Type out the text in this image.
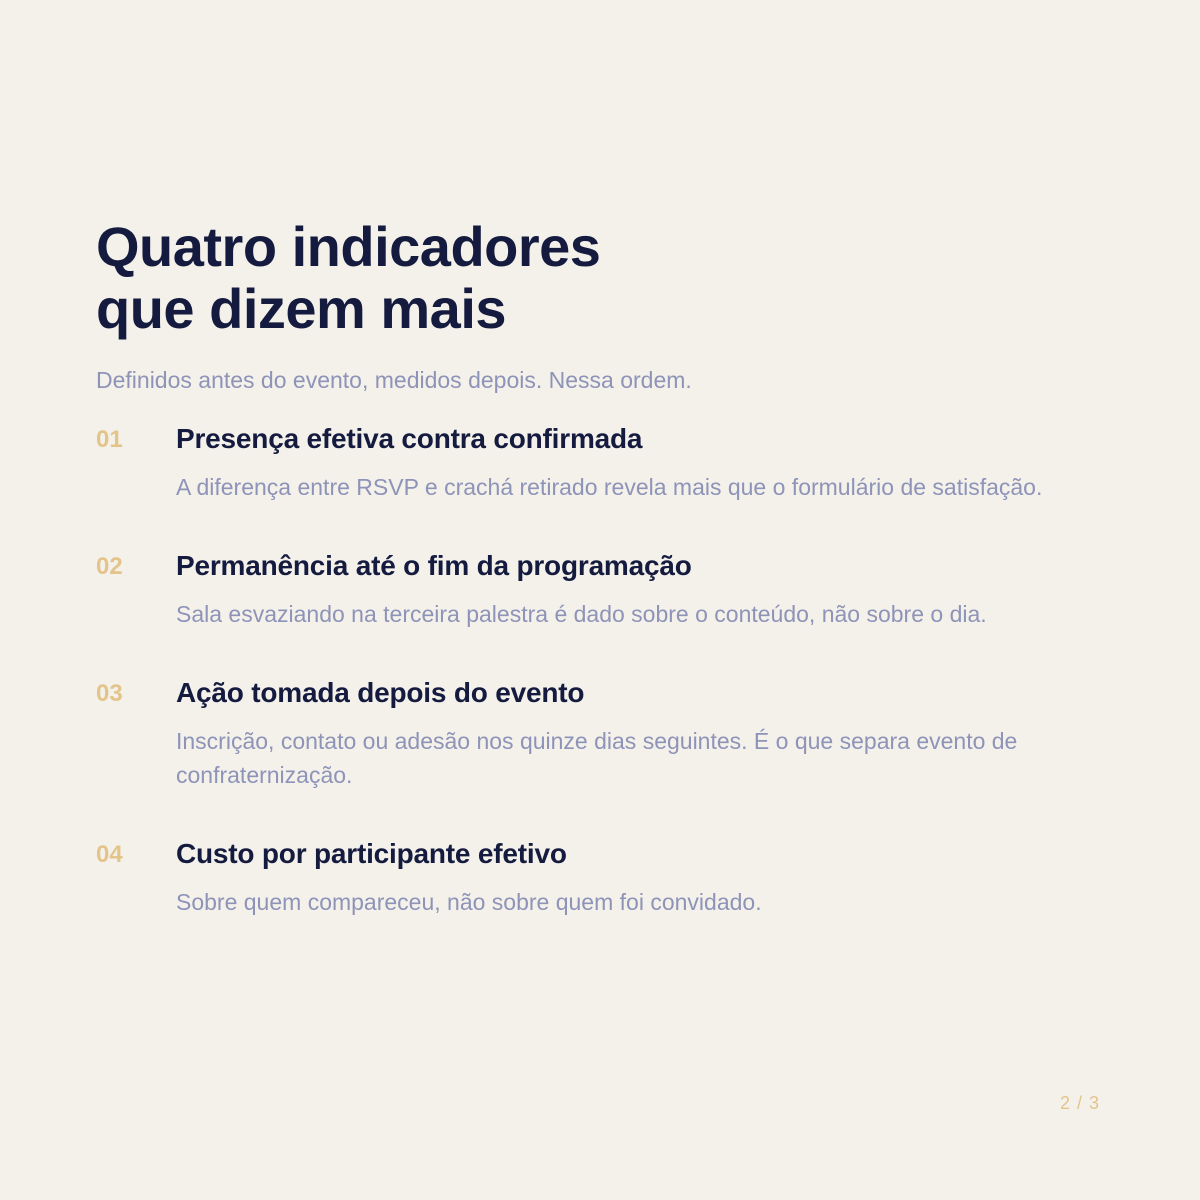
Quatro indicadores
que dizem mais

Definidos antes do evento, medidos depois. Nessa ordem.

01 Presença efetiva contra confirmada
A diferença entre RSVP e crachá retirado revela mais que o formulário de satisfação.
02 Permanência até o fim da programação
Sala esvaziando na terceira palestra é dado sobre o conteúdo, não sobre o dia.
03 Ação tomada depois do evento
Inscrição, contato ou adesão nos quinze dias seguintes. É o que separa evento de confraternização.
04 Custo por participante efetivo
Sobre quem compareceu, não sobre quem foi convidado.
2 / 3
